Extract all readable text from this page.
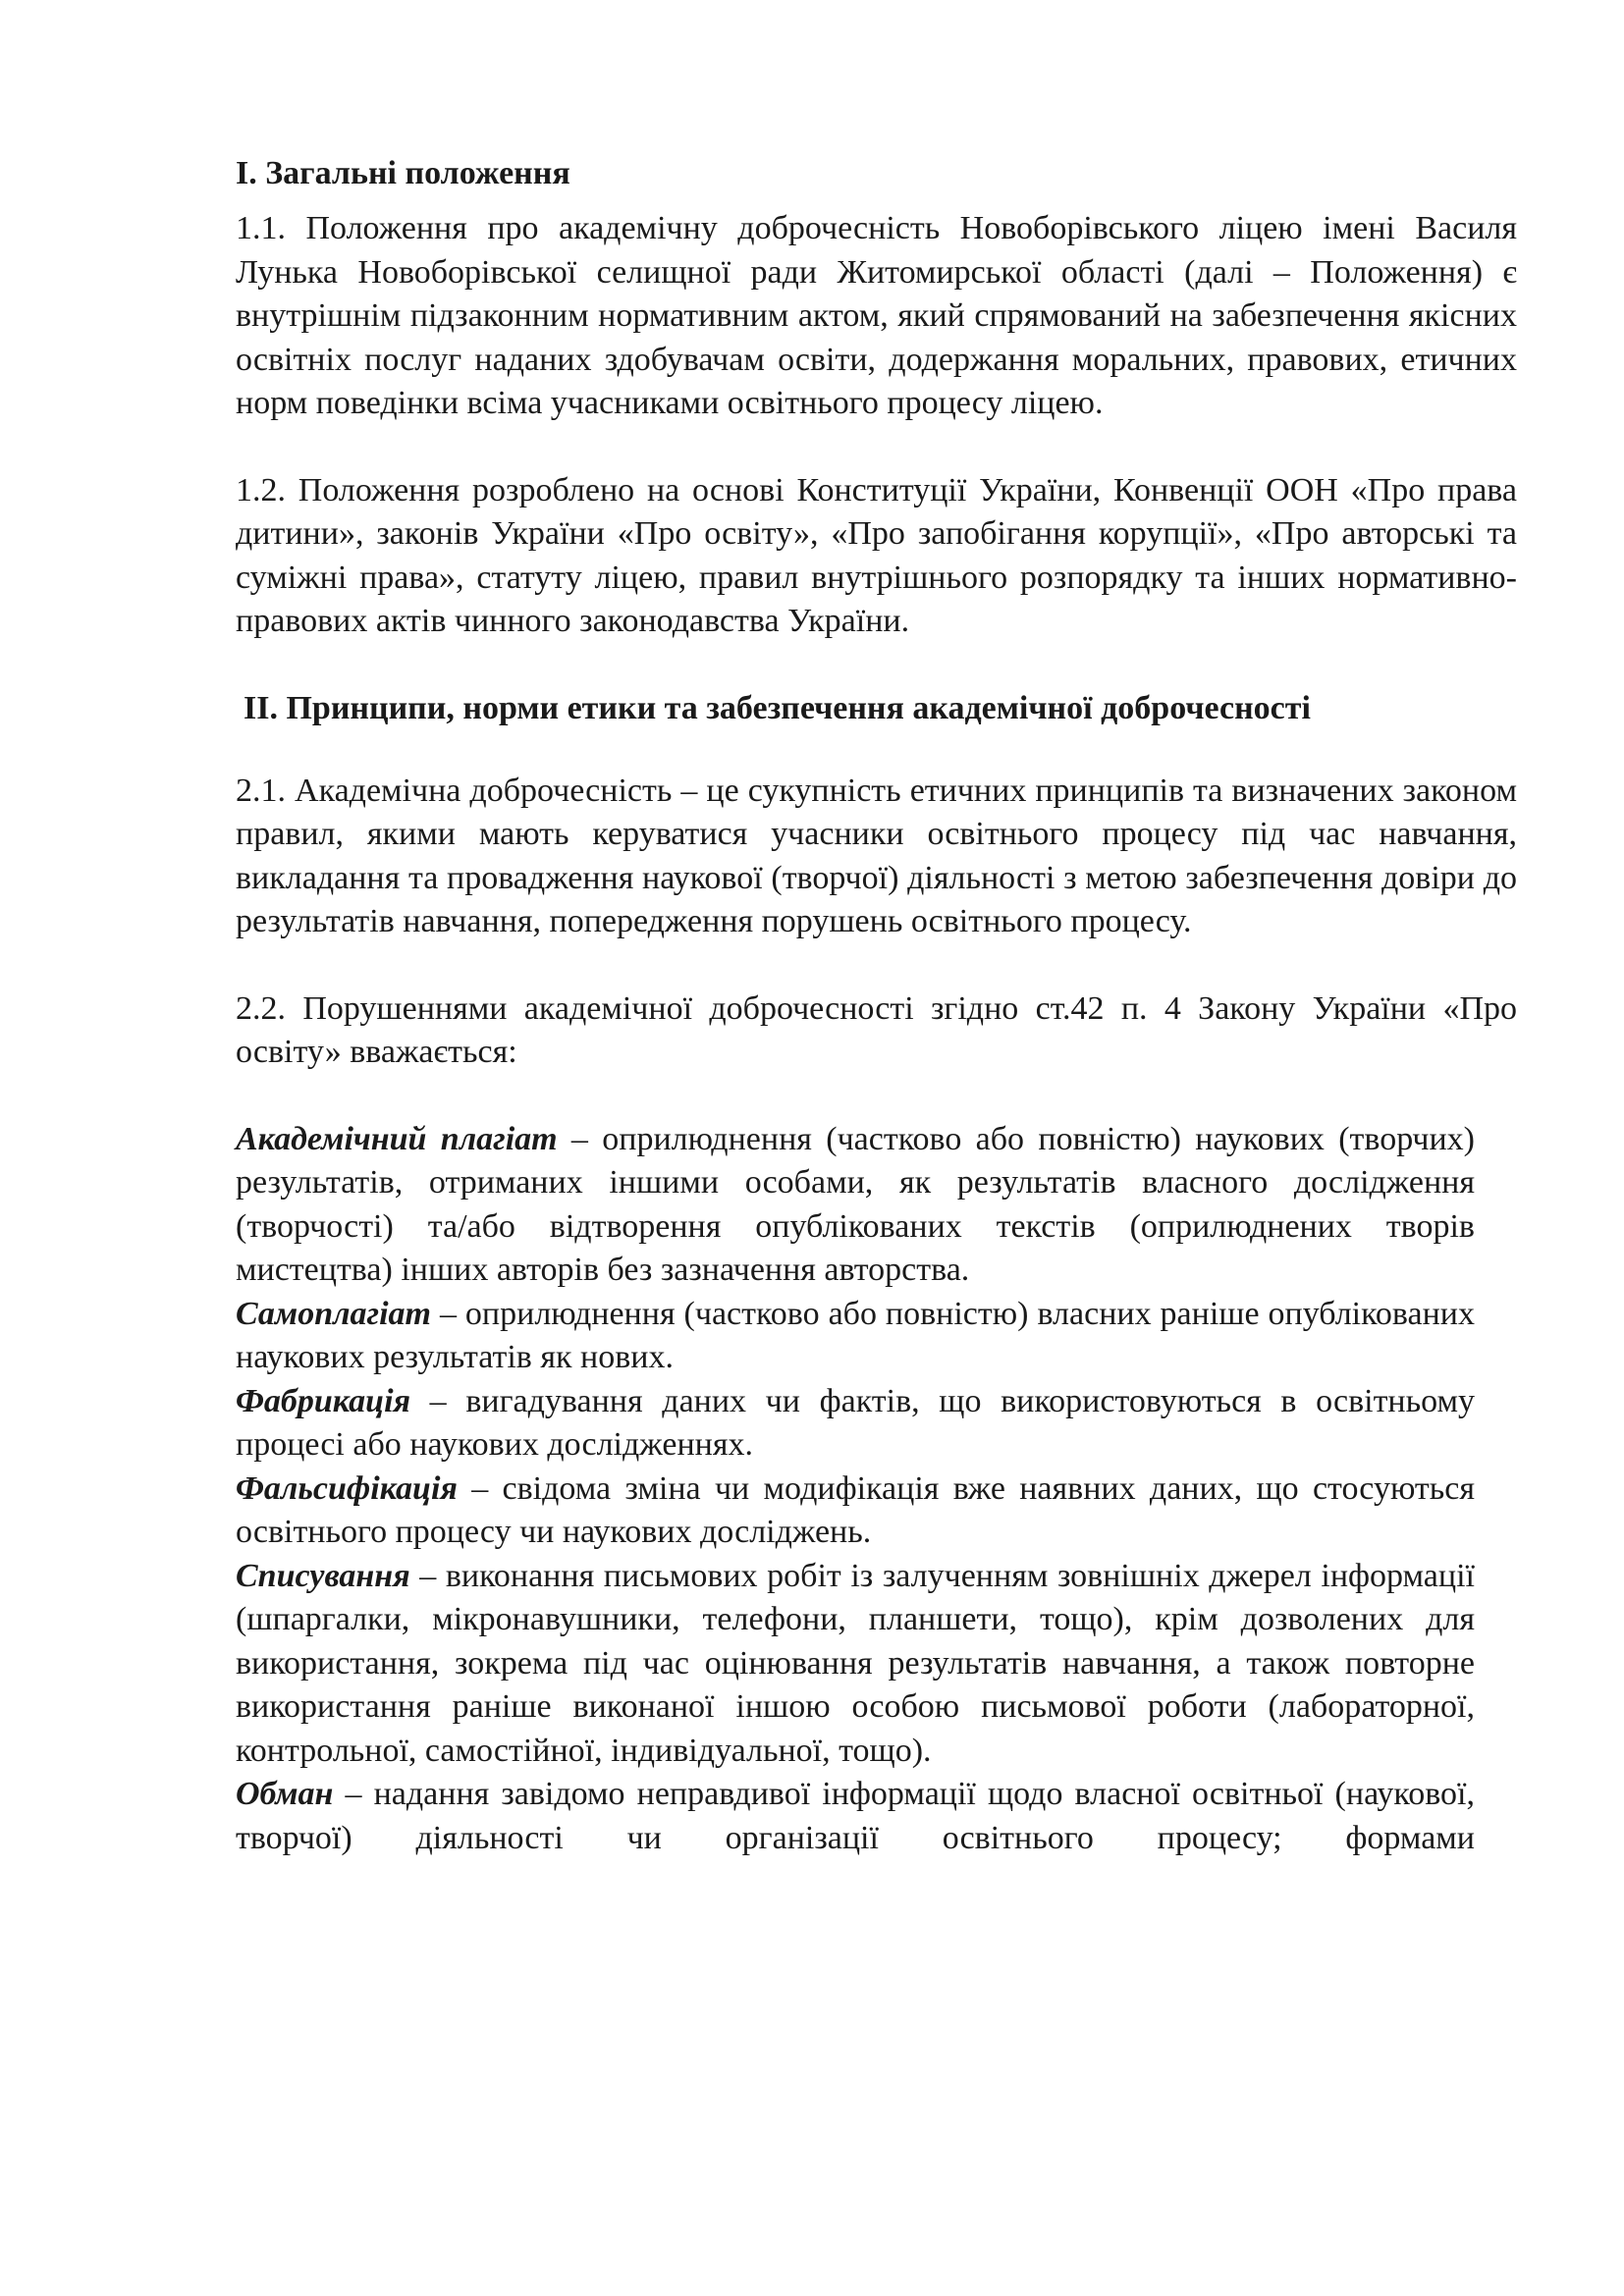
I. Загальні положення

1.1. Положення про академічну доброчесність Новоборівського ліцею імені Василя Лунька Новоборівської селищної ради Житомирської області (далі – Положення) є внутрішнім підзаконним нормативним актом, який спрямований на забезпечення якісних освітніх послуг наданих здобувачам освіти, додержання моральних, правових, етичних норм поведінки всіма учасниками освітнього процесу ліцею.

1.2. Положення розроблено на основі Конституції України, Конвенції ООН «Про права дитини», законів України «Про освіту», «Про запобігання корупції», «Про авторські та суміжні права», статуту ліцею, правил внутрішнього розпорядку та інших нормативно-правових актів чинного законодавства України.

II. Принципи, норми етики та забезпечення академічної доброчесності

2.1. Академічна доброчесність – це сукупність етичних принципів та визначених законом правил, якими мають керуватися учасники освітнього процесу під час навчання, викладання та провадження наукової (творчої) діяльності з метою забезпечення довіри до результатів навчання, попередження порушень освітнього процесу.

2.2. Порушеннями академічної доброчесності згідно ст.42 п. 4 Закону України «Про освіту» вважається:

Академічний плагіат – оприлюднення (частково або повністю) наукових (творчих) результатів, отриманих іншими особами, як результатів власного дослідження (творчості) та/або відтворення опублікованих текстів (оприлюднених творів мистецтва) інших авторів без зазначення авторства.

Самоплагіат – оприлюднення (частково або повністю) власних раніше опублікованих наукових результатів як нових.

Фабрикація – вигадування даних чи фактів, що використовуються в освітньому процесі або наукових дослідженнях.

Фальсифікація – свідома зміна чи модифікація вже наявних даних, що стосуються освітнього процесу чи наукових досліджень.

Списування – виконання письмових робіт із залученням зовнішніх джерел інформації (шпаргалки, мікронавушники, телефони, планшети, тощо), крім дозволених для використання, зокрема під час оцінювання результатів навчання, а також повторне використання раніше виконаної іншою особою письмової роботи (лабораторної, контрольної, самостійної, індивідуальної, тощо).

Обман – надання завідомо неправдивої інформації щодо власної освітньої (наукової, творчої) діяльності чи організації освітнього процесу; формами
